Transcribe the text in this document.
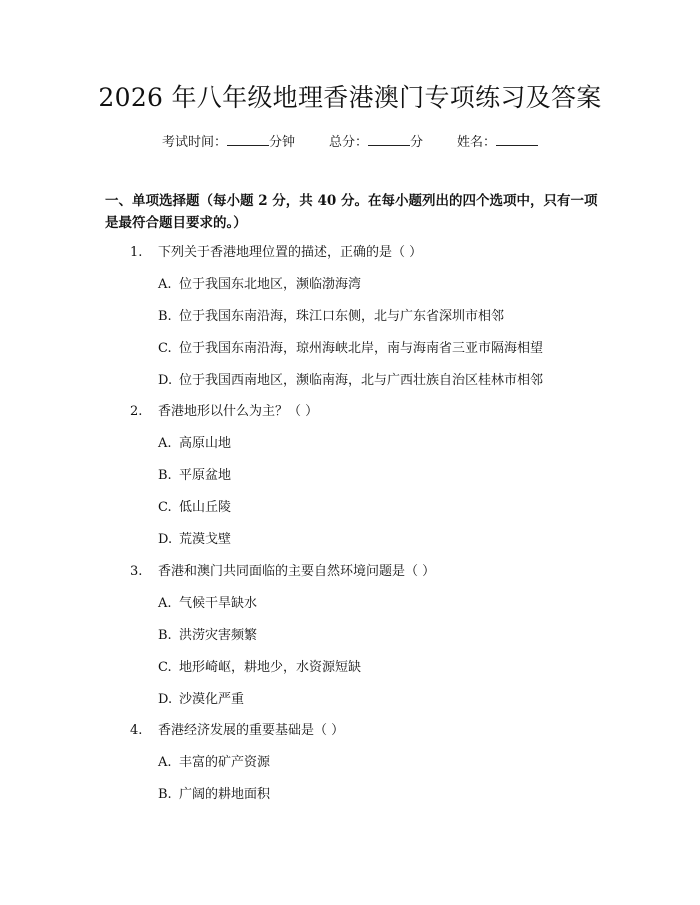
2026 年八年级地理香港澳门专项练习及答案
考试时间：	分钟	总分：	分	姓名：
一、单项选择题（每小题 2 分，共 40 分。在每小题列出的四个选项中，只有一项是最符合题目要求的。）
1. 下列关于香港地理位置的描述，正确的是（ ）
A. 位于我国东北地区，濒临渤海湾
B. 位于我国东南沿海，珠江口东侧，北与广东省深圳市相邻
C. 位于我国东南沿海，琼州海峡北岸，南与海南省三亚市隔海相望
D. 位于我国西南地区，濒临南海，北与广西壮族自治区桂林市相邻
2. 香港地形以什么为主？（ ）
A. 高原山地
B. 平原盆地
C. 低山丘陵
D. 荒漠戈壁
3. 香港和澳门共同面临的主要自然环境问题是（ ）
A. 气候干旱缺水
B. 洪涝灾害频繁
C. 地形崎岖，耕地少，水资源短缺
D. 沙漠化严重
4. 香港经济发展的重要基础是（ ）
A. 丰富的矿产资源
B. 广阔的耕地面积
